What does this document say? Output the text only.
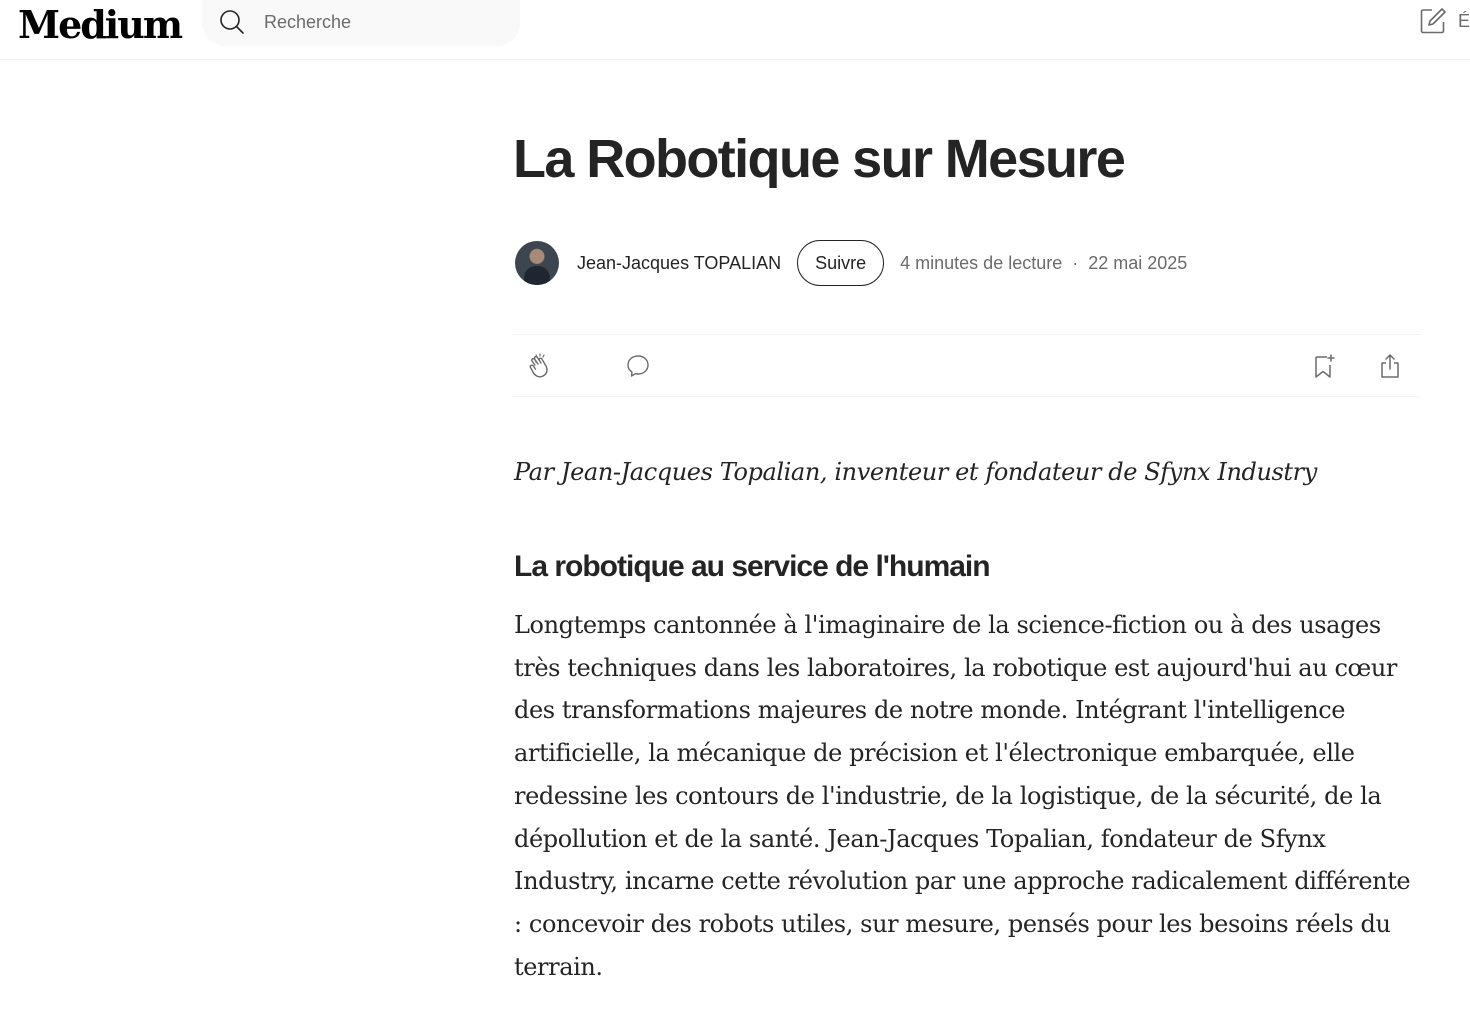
Medium	Recherche	É
La Robotique sur Mesure
Jean-Jacques TOPALIAN	Suivre	4 minutes de lecture · 22 mai 2025

Par Jean-Jacques Topalian, inventeur et fondateur de Sfynx Industry

La robotique au service de l'humain

Longtemps cantonnée à l'imaginaire de la science-fiction ou à des usages très techniques dans les laboratoires, la robotique est aujourd'hui au cœur des transformations majeures de notre monde. Intégrant l'intelligence artificielle, la mécanique de précision et l'électronique embarquée, elle redessine les contours de l'industrie, de la logistique, de la sécurité, de la dépollution et de la santé. Jean-Jacques Topalian, fondateur de Sfynx Industry, incarne cette révolution par une approche radicalement différente : concevoir des robots utiles, sur mesure, pensés pour les besoins réels du terrain.
